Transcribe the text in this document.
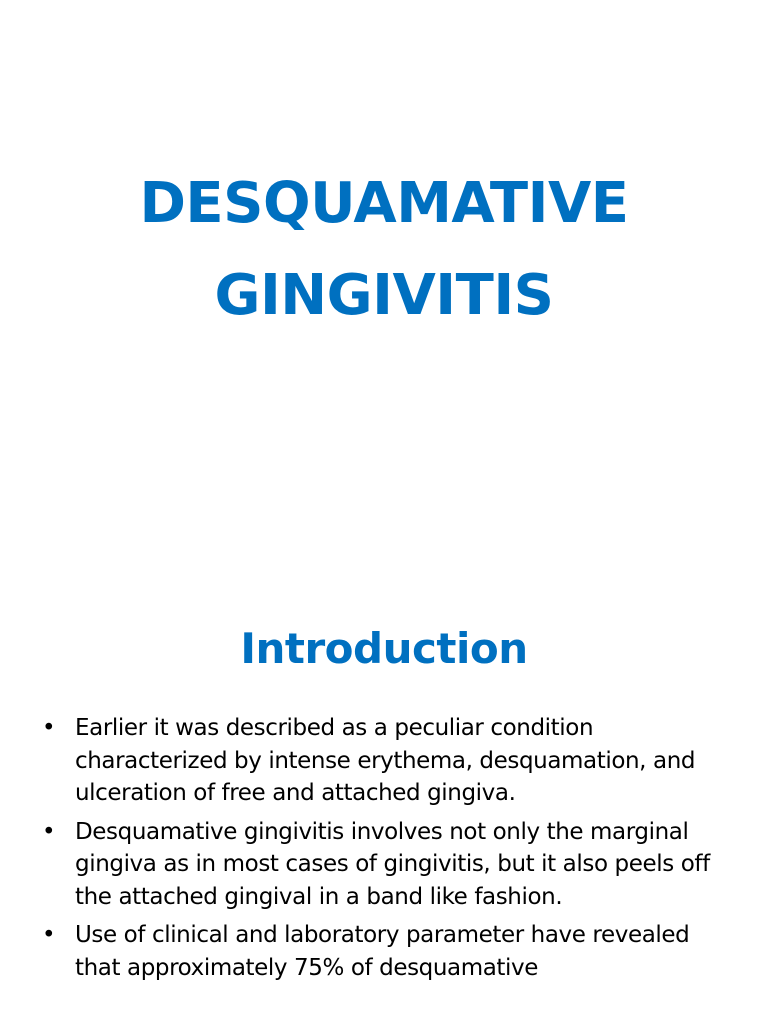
DESQUAMATIVE
GINGIVITIS
Introduction
• Earlier it was described as a peculiar condition characterized by intense erythema, desquamation, and ulceration of free and attached gingiva.
• Desquamative gingivitis involves not only the marginal gingiva as in most cases of gingivitis, but it also peels off the attached gingival in a band like fashion.
• Use of clinical and laboratory parameter have revealed that approximately 75% of desquamative
